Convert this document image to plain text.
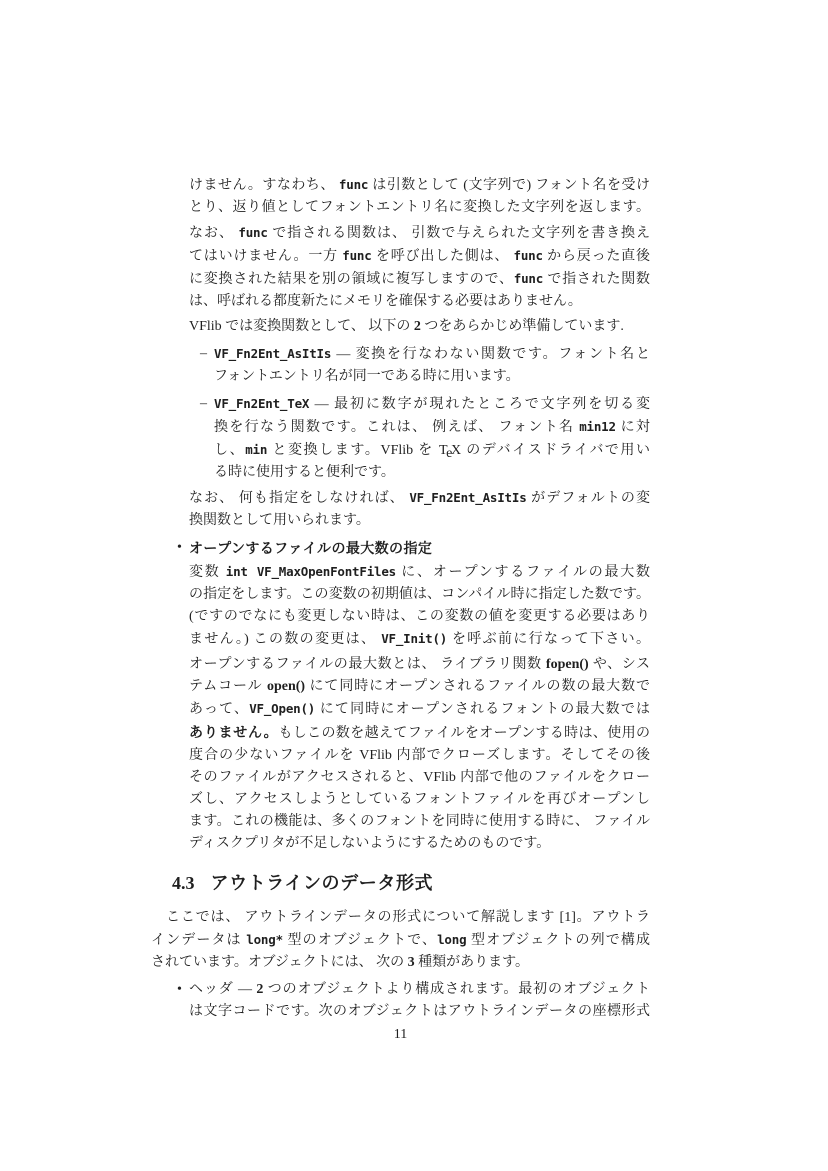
けません。すなわち、 func は引数として (文字列で) フォント名を受け
とり、返り値としてフォントエントリ名に変換した文字列を返します。
なお、 func で指される関数は、 引数で与えられた文字列を書き換え
てはいけません。一方 func を呼び出した側は、 func から戻った直後
に変換された結果を別の領域に複写しますので、func で指された関数
は、呼ばれる都度新たにメモリを確保する必要はありません。
VFlib では変換関数として、 以下の 2 つをあらかじめ準備しています.
– VF_Fn2Ent_AsItIs — 変換を行なわない関数です。フォント名と
フォントエントリ名が同一である時に用います。
– VF_Fn2Ent_TeX — 最初に数字が現れたところで文字列を切る変
換を行なう関数です。これは、 例えば、 フォント名 min12 に対
し、min と変換します。VFlib を TeX のデバイスドライバで用い
る時に使用すると便利です。
なお、 何も指定をしなければ、 VF_Fn2Ent_AsItIs がデフォルトの変
換関数として用いられます。
• オープンするファイルの最大数の指定
変数 int VF_MaxOpenFontFiles に、オープンするファイルの最大数
の指定をします。この変数の初期値は、コンパイル時に指定した数です。
(ですのでなにも変更しない時は、この変数の値を変更する必要はあり
ません。) この数の変更は、 VF_Init() を呼ぶ前に行なって下さい。
オープンするファイルの最大数とは、 ライブラリ関数 fopen() や、シス
テムコール open() にて同時にオープンされるファイルの数の最大数で
あって、VF_Open() にて同時にオープンされるフォントの最大数では
ありません。もしこの数を越えてファイルをオープンする時は、使用の
度合の少ないファイルを VFlib 内部でクローズします。そしてその後
そのファイルがアクセスされると、VFlib 内部で他のファイルをクロー
ズし、アクセスしようとしているフォントファイルを再びオープンし
ます。これの機能は、多くのフォントを同時に使用する時に、 ファイル
ディスクプリタが不足しないようにするためのものです。
4.3 アウトラインのデータ形式
ここでは、 アウトラインデータの形式について解説します [1]。アウトラ
インデータは long* 型のオブジェクトで、long 型オブジェクトの列で構成
されています。オブジェクトには、 次の 3 種類があります。
• ヘッダ — 2 つのオブジェクトより構成されます。最初のオブジェクト
は文字コードです。次のオブジェクトはアウトラインデータの座標形式
11
